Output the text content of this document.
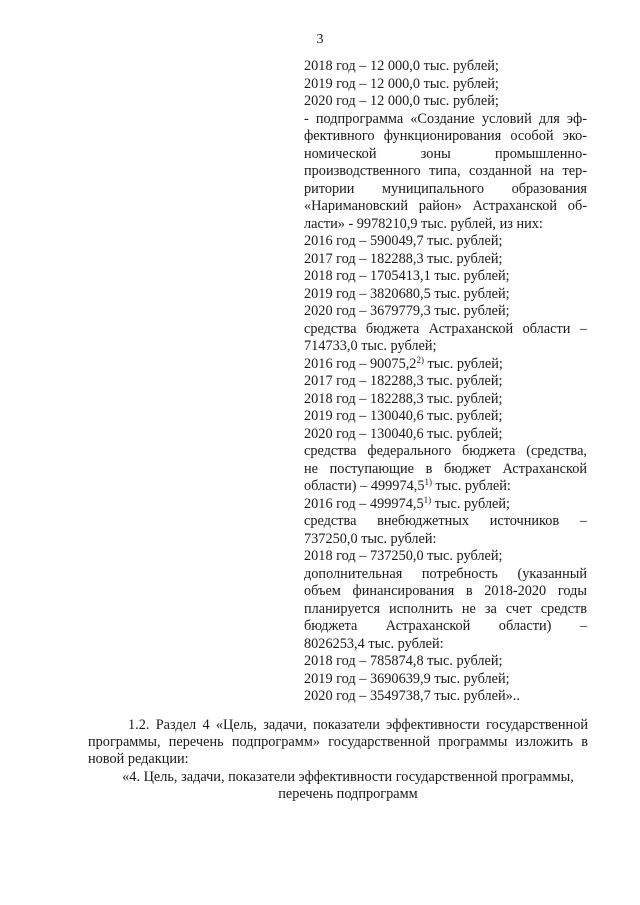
3
2018 год – 12 000,0 тыс. рублей;
2019 год – 12 000,0 тыс. рублей;
2020 год – 12 000,0 тыс. рублей;
- подпрограмма «Создание условий для эф-
фективного функционирования особой эко-
номической зоны промышленно-
производственного типа, созданной на тер-
ритории муниципального образования
«Наримановский район» Астраханской об-
ласти» - 9978210,9 тыс. рублей, из них:
2016 год – 590049,7 тыс. рублей;
2017 год – 182288,3 тыс. рублей;
2018 год – 1705413,1 тыс. рублей;
2019 год – 3820680,5 тыс. рублей;
2020 год – 3679779,3 тыс. рублей;
средства бюджета Астраханской области –
714733,0 тыс. рублей;
2016 год – 90075,2$^{2)}$ тыс. рублей;
2017 год – 182288,3 тыс. рублей;
2018 год – 182288,3 тыс. рублей;
2019 год – 130040,6 тыс. рублей;
2020 год – 130040,6 тыс. рублей;
средства федерального бюджета (средства,
не поступающие в бюджет Астраханской
области) – 499974,5$^{1)}$ тыс. рублей:
2016 год – 499974,5$^{1)}$ тыс. рублей;
средства внебюджетных источников –
737250,0 тыс. рублей:
2018 год – 737250,0 тыс. рублей;
дополнительная потребность (указанный
объем финансирования в 2018-2020 годы
планируется исполнить не за счет средств
бюджета Астраханской области) –
8026253,4 тыс. рублей:
2018 год – 785874,8 тыс. рублей;
2019 год – 3690639,9 тыс. рублей;
2020 год – 3549738,7 тыс. рублей»..
1.2. Раздел 4 «Цель, задачи, показатели эффективности государственной программы, перечень подпрограмм» государственной программы изложить в новой редакции:
«4. Цель, задачи, показатели эффективности государственной программы,
перечень подпрограмм
